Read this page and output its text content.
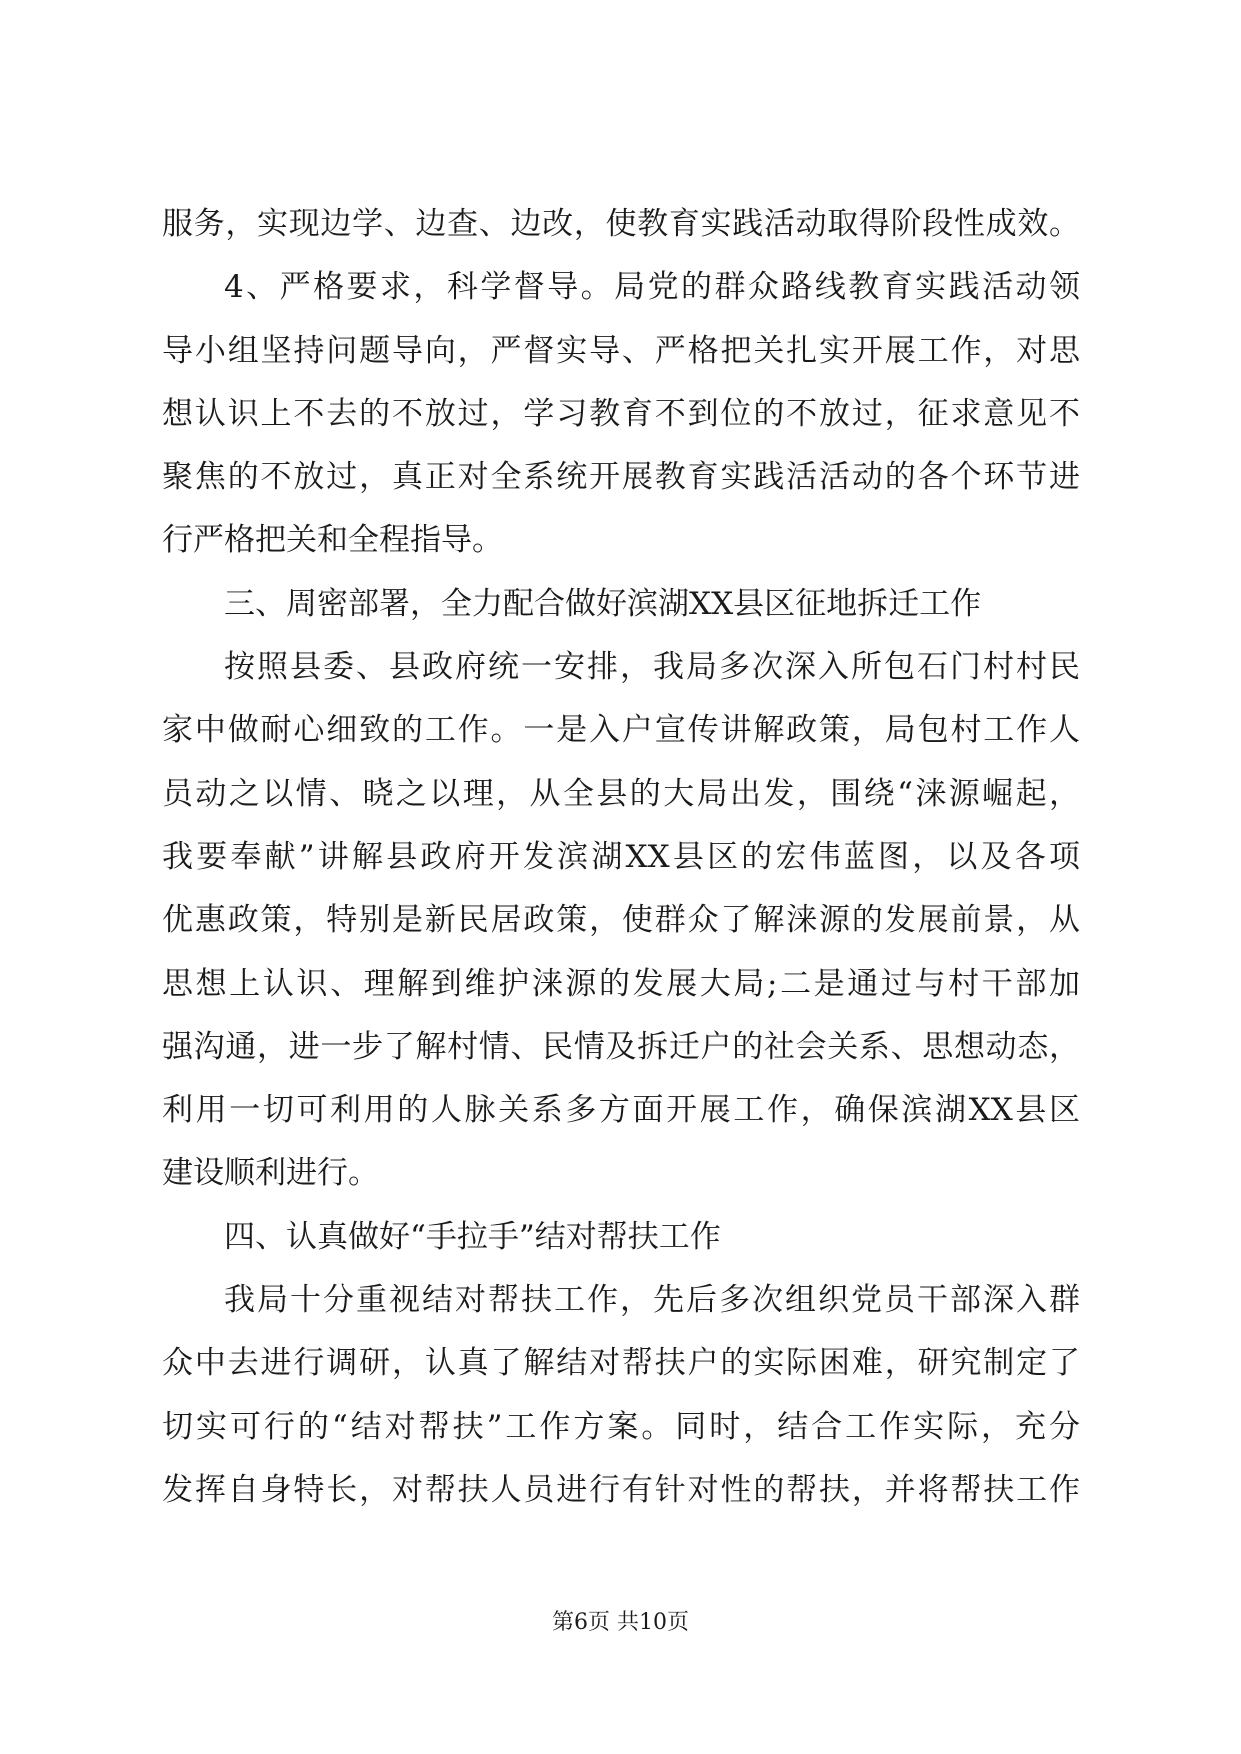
服务，实现边学、边查、边改，使教育实践活动取得阶段性成效。
4、严格要求，科学督导。局党的群众路线教育实践活动领
导小组坚持问题导向，严督实导、严格把关扎实开展工作，对思
想认识上不去的不放过，学习教育不到位的不放过，征求意见不
聚焦的不放过，真正对全系统开展教育实践活活动的各个环节进
行严格把关和全程指导。
三、周密部署，全力配合做好滨湖XX县区征地拆迁工作
按照县委、县政府统一安排，我局多次深入所包石门村村民
家中做耐心细致的工作。一是入户宣传讲解政策，局包村工作人
员动之以情、晓之以理，从全县的大局出发，围绕“涞源崛起，
我要奉献”讲解县政府开发滨湖XX县区的宏伟蓝图，以及各项
优惠政策，特别是新民居政策，使群众了解涞源的发展前景，从
思想上认识、理解到维护涞源的发展大局;二是通过与村干部加
强沟通，进一步了解村情、民情及拆迁户的社会关系、思想动态，
利用一切可利用的人脉关系多方面开展工作，确保滨湖XX县区
建设顺利进行。
四、认真做好“手拉手”结对帮扶工作
我局十分重视结对帮扶工作，先后多次组织党员干部深入群
众中去进行调研，认真了解结对帮扶户的实际困难，研究制定了
切实可行的“结对帮扶”工作方案。同时，结合工作实际，充分
发挥自身特长，对帮扶人员进行有针对性的帮扶，并将帮扶工作
第6页 共10页
